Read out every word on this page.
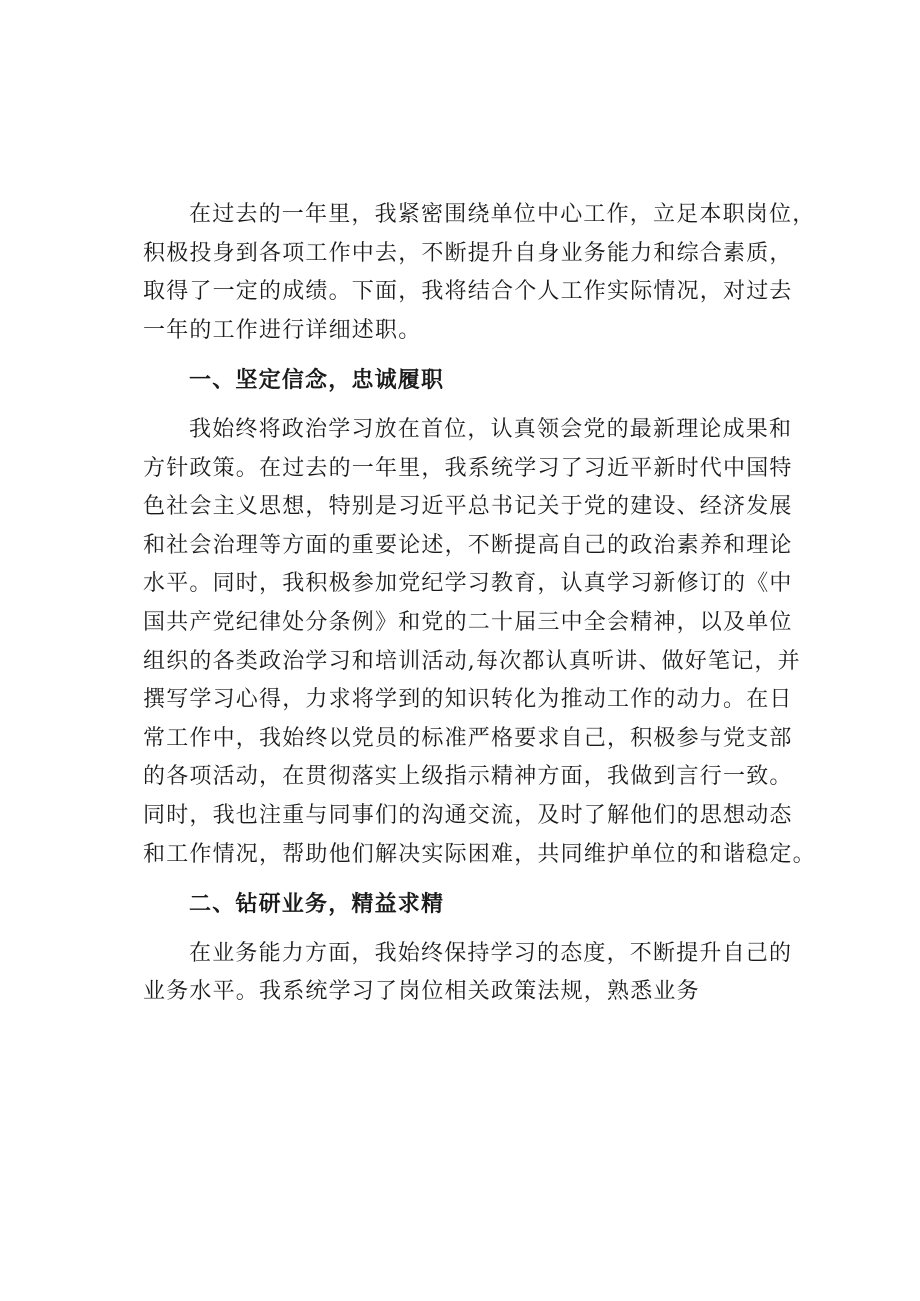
在过去的一年里，我紧密围绕单位中心工作，立足本职岗位，
积极投身到各项工作中去，不断提升自身业务能力和综合素质，
取得了一定的成绩。下面，我将结合个人工作实际情况，对过去
一年的工作进行详细述职。
一、坚定信念，忠诚履职
我始终将政治学习放在首位，认真领会党的最新理论成果和
方针政策。在过去的一年里，我系统学习了习近平新时代中国特
色社会主义思想，特别是习近平总书记关于党的建设、经济发展
和社会治理等方面的重要论述，不断提高自己的政治素养和理论
水平。同时，我积极参加党纪学习教育，认真学习新修订的《中
国共产党纪律处分条例》和党的二十届三中全会精神，以及单位
组织的各类政治学习和培训活动,每次都认真听讲、做好笔记，并
撰写学习心得，力求将学到的知识转化为推动工作的动力。在日
常工作中，我始终以党员的标准严格要求自己，积极参与党支部
的各项活动，在贯彻落实上级指示精神方面，我做到言行一致。
同时，我也注重与同事们的沟通交流，及时了解他们的思想动态
和工作情况，帮助他们解决实际困难，共同维护单位的和谐稳定。
二、钻研业务，精益求精
在业务能力方面，我始终保持学习的态度，不断提升自己的
业务水平。我系统学习了岗位相关政策法规，熟悉业务
